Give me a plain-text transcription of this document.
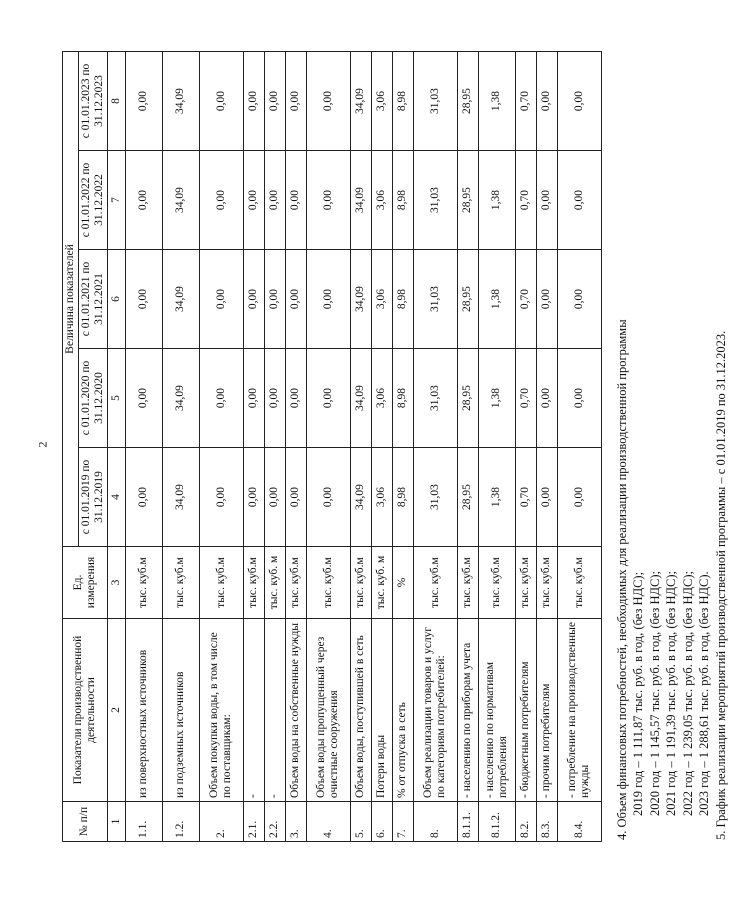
2
№ п/п	Показатели производственной деятельности	Ед. измерения	Величина показателей				
			с 01.01.2019 по 31.12.2019	с 01.01.2020 по 31.12.2020	с 01.01.2021 по 31.12.2021	с 01.01.2022 по 31.12.2022	с 01.01.2023 по 31.12.2023
1	2	3	4	5	6	7	8
1.1.	из поверхностных источников	тыс. куб.м	0,00	0,00	0,00	0,00	0,00
1.2.	из подземных источников	тыс. куб.м	34,09	34,09	34,09	34,09	34,09
2.	Объем покупки воды, в том числе по поставщикам:	тыс. куб.м	0,00	0,00	0,00	0,00	0,00
2.1.	-	тыс. куб.м	0,00	0,00	0,00	0,00	0,00
2.2.	-	тыс. куб. м	0,00	0,00	0,00	0,00	0,00
3.	Объем воды на собственные нужды	тыс. куб.м	0,00	0,00	0,00	0,00	0,00
4.	Объем воды пропущенный через очистные сооружения	тыс. куб.м	0,00	0,00	0,00	0,00	0,00
5.	Объем воды, поступившей в сеть	тыс. куб.м	34,09	34,09	34,09	34,09	34,09
6.	Потери воды	тыс. куб. м	3,06	3,06	3,06	3,06	3,06
7.	% от отпуска в сеть	%	8,98	8,98	8,98	8,98	8,98
8.	Объем реализации товаров и услуг по категориям потребителей:	тыс. куб.м	31,03	31,03	31,03	31,03	31,03
8.1.1.	- населению по приборам учета	тыс. куб.м	28,95	28,95	28,95	28,95	28,95
8.1.2.	- населению по нормативам потребления	тыс. куб.м	1,38	1,38	1,38	1,38	1,38
8.2.	- бюджетным потребителям	тыс. куб.м	0,70	0,70	0,70	0,70	0,70
8.3.	- прочим потребителям	тыс. куб.м	0,00	0,00	0,00	0,00	0,00
8.4.	- потребление на производственные нужды	тыс. куб.м	0,00	0,00	0,00	0,00	0,00
4. Объем финансовых потребностей, необходимых для реализации производственной программы 2019 год – 1 111,87 тыс. руб. в год, (без НДС); 2020 год – 1 145,57 тыс. руб. в год, (без НДС); 2021 год – 1 191,39 тыс. руб. в год, (без НДС); 2022 год – 1 239,05 тыс. руб. в год, (без НДС); 2023 год – 1 288,61 тыс. руб. в год, (без НДС). 5. График реализации мероприятий производственной программы – с 01.01.2019 по 31.12.2023.
